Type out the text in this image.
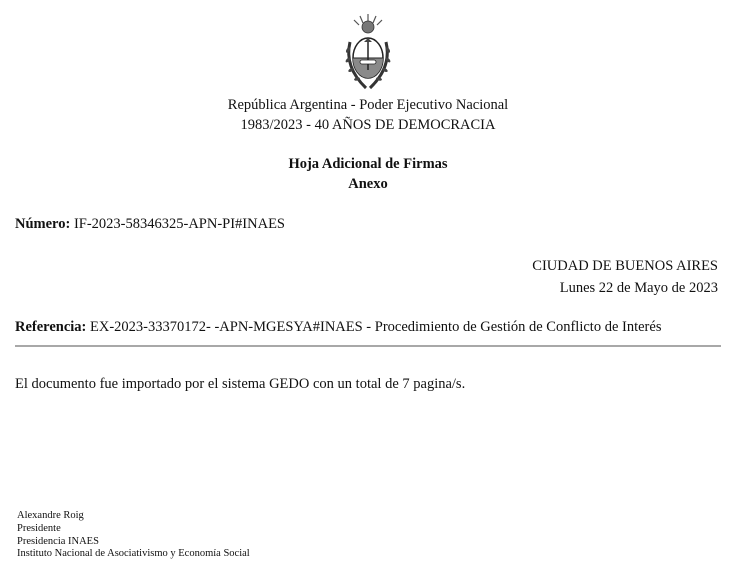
República Argentina - Poder Ejecutivo Nacional
1983/2023 - 40 AÑOS DE DEMOCRACIA
Hoja Adicional de Firmas
Anexo
Número: IF-2023-58346325-APN-PI#INAES
CIUDAD DE BUENOS AIRES
Lunes 22 de Mayo de 2023
Referencia: EX-2023-33370172- -APN-MGESYA#INAES - Procedimiento de Gestión de Conflicto de Interés
El documento fue importado por el sistema GEDO con un total de 7 pagina/s.
Alexandre Roig
Presidente
Presidencia INAES
Instituto Nacional de Asociativismo y Economía Social
